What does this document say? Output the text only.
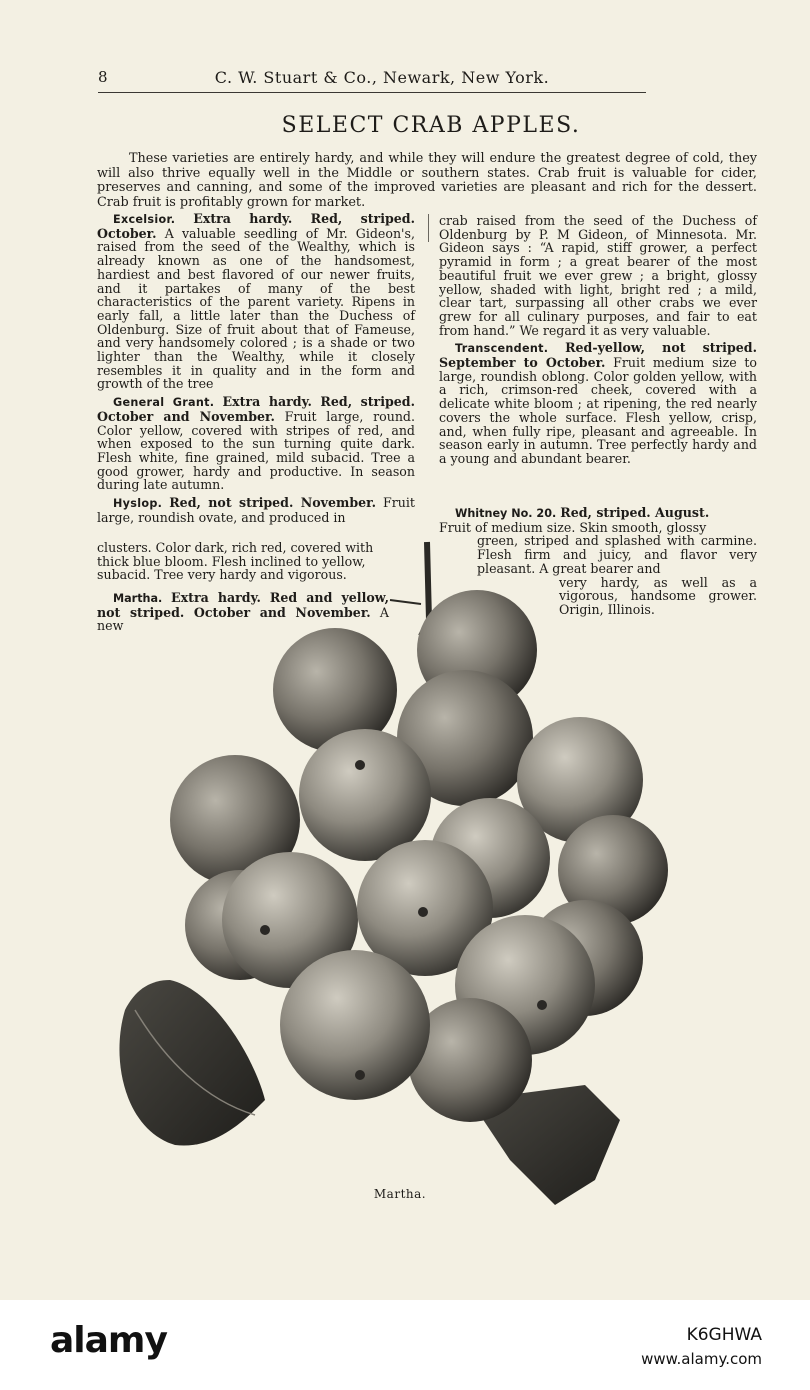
8	C. W. Stuart & Co., Newark, New York.
SELECT CRAB APPLES.

These varieties are entirely hardy, and while they will endure the greatest degree of cold, they will also thrive equally well in the Middle or southern states. Crab fruit is valuable for cider, preserves and canning, and some of the improved varieties are pleasant and rich for the dessert. Crab fruit is profitably grown for market.

Excelsior. Extra hardy. Red, striped. October. A valuable seedling of Mr. Gideon's, raised from the seed of the Wealthy, which is already known as one of the handsomest, hardiest and best flavored of our newer fruits, and it partakes of many of the best characteristics of the parent variety. Ripens in early fall, a little later than the Duchess of Oldenburg. Size of fruit about that of Fameuse, and very handsomely colored ; is a shade or two lighter than the Wealthy, while it closely resembles it in quality and in the form and growth of the tree

General Grant. Extra hardy. Red, striped. October and November. Fruit large, round. Color yellow, covered with stripes of red, and when exposed to the sun turning quite dark. Flesh white, fine grained, mild subacid. Tree a good grower, hardy and productive. In season during late autumn.

Hyslop. Red, not striped. November. Fruit large, roundish ovate, and produced in

clusters. Color dark, rich red, covered with thick blue bloom. Flesh inclined to yellow, subacid. Tree very hardy and vigorous.
Martha. Extra hardy. Red and yellow, not striped. October and November. A new

crab raised from the seed of the Duchess of Oldenburg by P. M Gideon, of Minnesota. Mr. Gideon says : “A rapid, stiff grower, a perfect pyramid in form ; a great bearer of the most beautiful fruit we ever grew ; a bright, glossy yellow, shaded with light, bright red ; a mild, clear tart, surpassing all other crabs we ever grew for all culinary purposes, and fair to eat from hand.” We regard it as very valuable.

Transcendent. Red-yellow, not striped. September to October. Fruit medium size to large, roundish oblong. Color golden yellow, with a rich, crimson-red cheek, covered with a delicate white bloom ; at ripening, the red nearly covers the whole surface. Flesh yellow, crisp, and, when fully ripe, pleasant and agreeable. In season early in autumn. Tree perfectly hardy and a young and abundant bearer.

Whitney No. 20. Red, striped. August.
Fruit of medium size. Skin smooth, glossy
green, striped and splashed with carmine. Flesh firm and juicy, and flavor very pleasant. A great bearer and
very hardy, as well as a vigorous, handsome grower. Origin, Illinois.
Martha.
alamy	K6GHWA
www.alamy.com
